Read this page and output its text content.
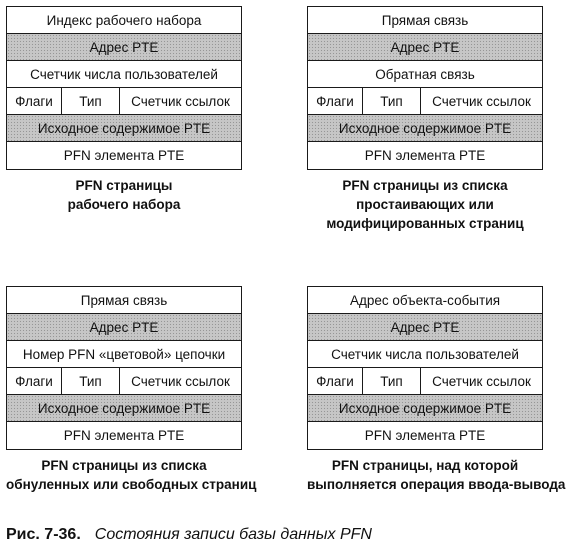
Индекс рабочего набора
Адрес PTE
Счетчик числа пользователей
Флаги	Тип	Счетчик ссылок
Исходное содержимое PTE
PFN элемента PTE
PFN страницы
рабочего набора
Прямая связь
Адрес PTE
Обратная связь
Флаги	Тип	Счетчик ссылок
Исходное содержимое PTE
PFN элемента PTE
PFN страницы из списка
простаивающих или
модифицированных страниц
Прямая связь
Адрес PTE
Номер PFN «цветовой» цепочки
Флаги	Тип	Счетчик ссылок
Исходное содержимое PTE
PFN элемента PTE
PFN страницы из списка
обнуленных или свободных страниц
Адрес объекта-события
Адрес PTE
Счетчик числа пользователей
Флаги	Тип	Счетчик ссылок
Исходное содержимое PTE
PFN элемента PTE
PFN страницы, над которой
выполняется операция ввода-вывода
Рис. 7-36. Состояния записи базы данных PFN
